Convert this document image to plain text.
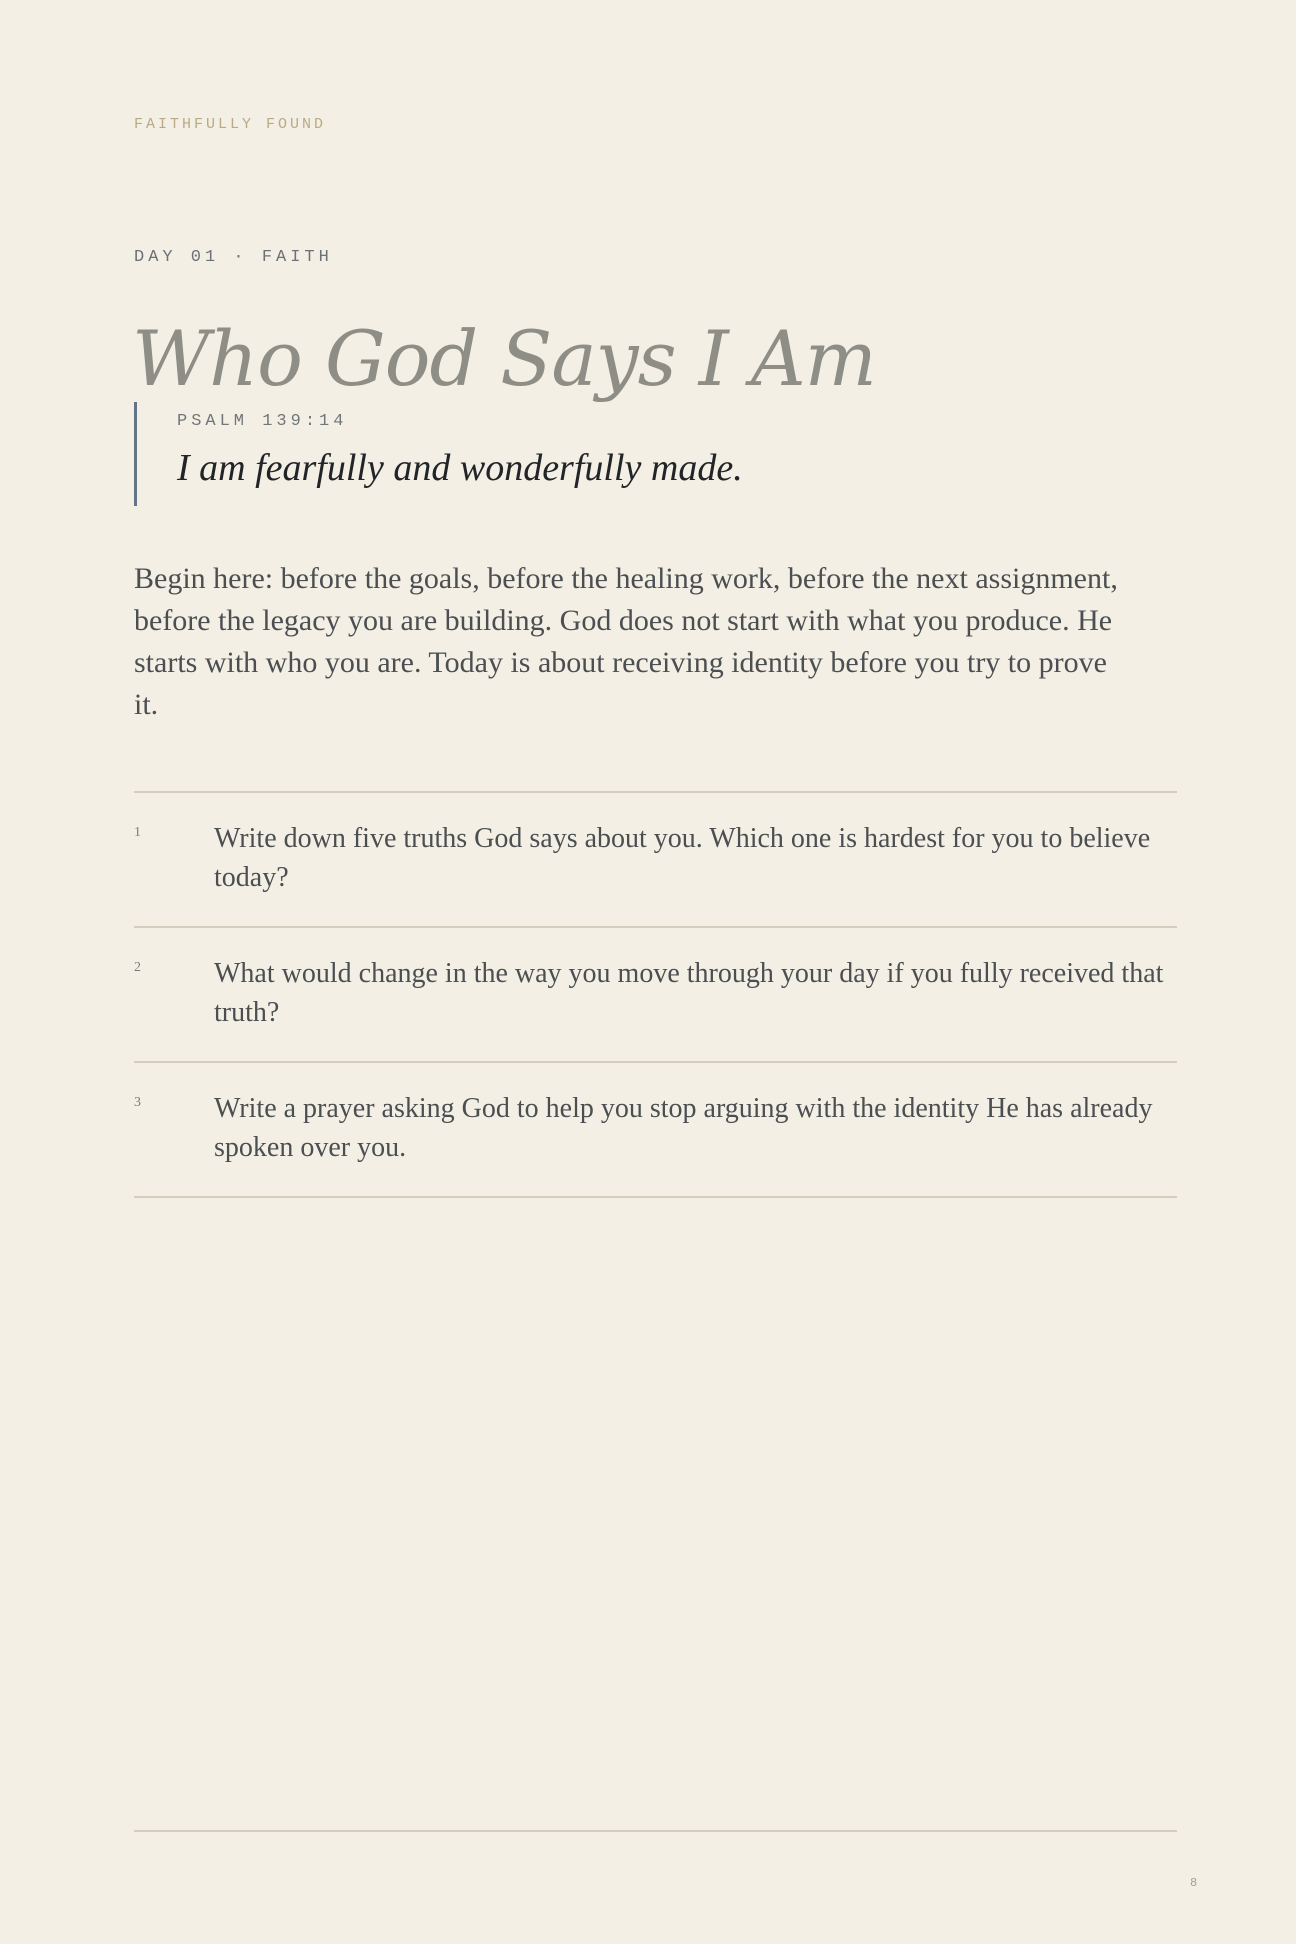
FAITHFULLY FOUND
DAY 01 · FAITH
Who God Says I Am
PSALM 139:14
I am fearfully and wonderfully made.

Begin here: before the goals, before the healing work, before the next assignment, before the legacy you are building. God does not start with what you produce. He starts with who you are. Today is about receiving identity before you try to prove it.

1	Write down five truths God says about you. Which one is hardest for you to believe today?
2	What would change in the way you move through your day if you fully received that truth?
3	Write a prayer asking God to help you stop arguing with the identity He has already spoken over you.
8
